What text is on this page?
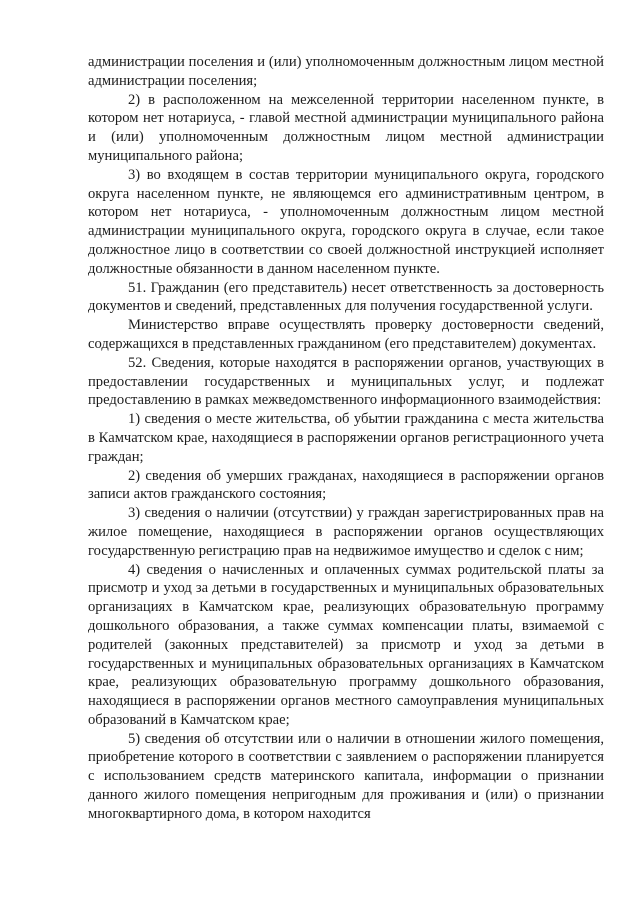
администрации поселения и (или) уполномоченным должностным лицом местной администрации поселения;

2) в расположенном на межселенной территории населенном пункте, в котором нет нотариуса, - главой местной администрации муниципального района и (или) уполномоченным должностным лицом местной администрации муниципального района;

3) во входящем в состав территории муниципального округа, городского округа населенном пункте, не являющемся его административным центром, в котором нет нотариуса, - уполномоченным должностным лицом местной администрации муниципального округа, городского округа в случае, если такое должностное лицо в соответствии со своей должностной инструкцией исполняет должностные обязанности в данном населенном пункте.

51. Гражданин (его представитель) несет ответственность за достоверность документов и сведений, представленных для получения государственной услуги.

Министерство вправе осуществлять проверку достоверности сведений, содержащихся в представленных гражданином (его представителем) документах.

52. Сведения, которые находятся в распоряжении органов, участвующих в предоставлении государственных и муниципальных услуг, и подлежат предоставлению в рамках межведомственного информационного взаимодействия:

1) сведения о месте жительства, об убытии гражданина с места жительства в Камчатском крае, находящиеся в распоряжении органов регистрационного учета граждан;

2) сведения об умерших гражданах, находящиеся в распоряжении органов записи актов гражданского состояния;

3) сведения о наличии (отсутствии) у граждан зарегистрированных прав на жилое помещение, находящиеся в распоряжении органов осуществляющих государственную регистрацию прав на недвижимое имущество и сделок с ним;

4) сведения о начисленных и оплаченных суммах родительской платы за присмотр и уход за детьми в государственных и муниципальных образовательных организациях в Камчатском крае, реализующих образовательную программу дошкольного образования, а также суммах компенсации платы, взимаемой с родителей (законных представителей) за присмотр и уход за детьми в государственных и муниципальных образовательных организациях в Камчатском крае, реализующих образовательную программу дошкольного образования, находящиеся в распоряжении органов местного самоуправления муниципальных образований в Камчатском крае;

5) сведения об отсутствии или о наличии в отношении жилого помещения, приобретение которого в соответствии с заявлением о распоряжении планируется с использованием средств материнского капитала, информации о признании данного жилого помещения непригодным для проживания и (или) о признании многоквартирного дома, в котором находится
